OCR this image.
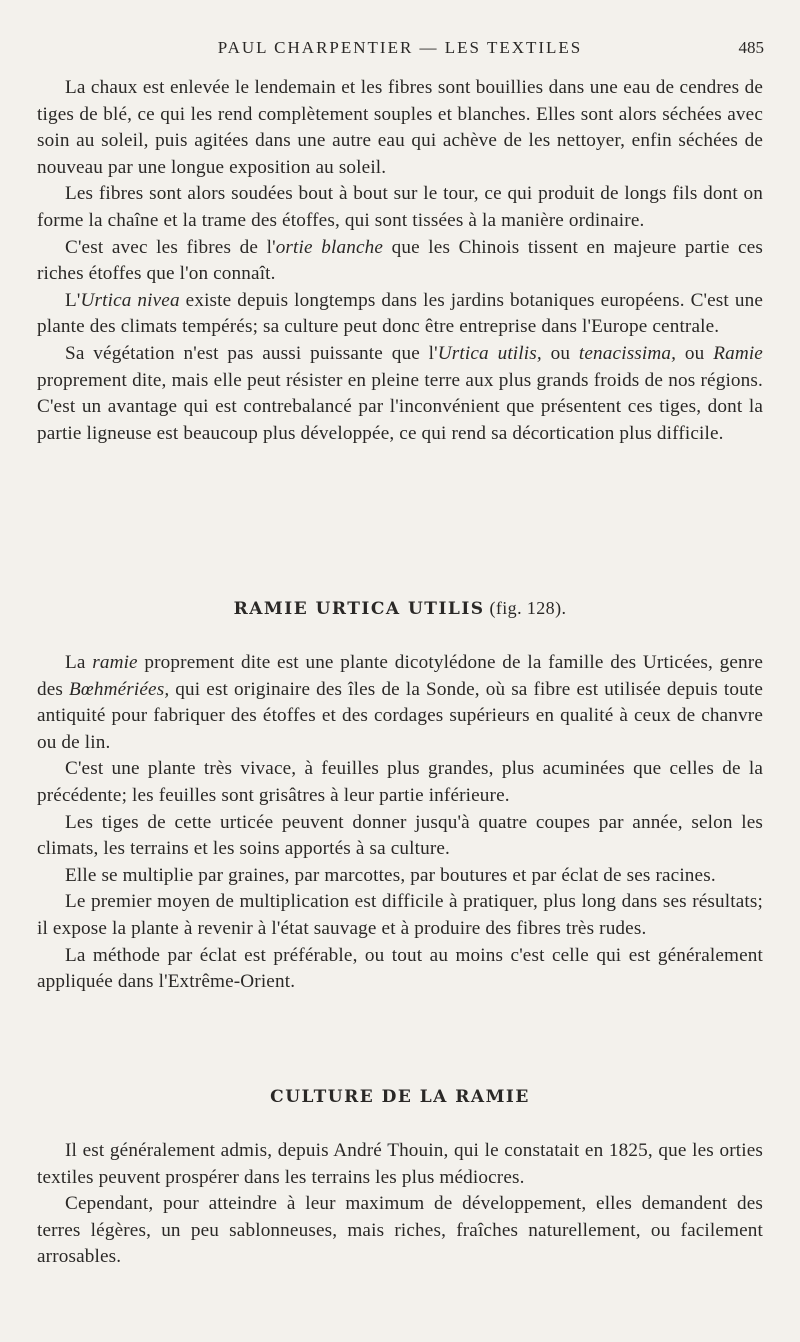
PAUL CHARPENTIER — LES TEXTILES	485

La chaux est enlevée le lendemain et les fibres sont bouillies dans une eau de cendres de tiges de blé, ce qui les rend complètement souples et blanches. Elles sont alors séchées avec soin au soleil, puis agitées dans une autre eau qui achève de les nettoyer, enfin séchées de nouveau par une longue exposition au soleil.

Les fibres sont alors soudées bout à bout sur le tour, ce qui produit de longs fils dont on forme la chaîne et la trame des étoffes, qui sont tissées à la manière ordinaire.

C'est avec les fibres de l'ortie blanche que les Chinois tissent en majeure partie ces riches étoffes que l'on connaît.

L'Urtica nivea existe depuis longtemps dans les jardins botaniques européens. C'est une plante des climats tempérés; sa culture peut donc être entreprise dans l'Europe centrale.

Sa végétation n'est pas aussi puissante que l'Urtica utilis, ou tenacissima, ou Ramie proprement dite, mais elle peut résister en pleine terre aux plus grands froids de nos régions. C'est un avantage qui est contrebalancé par l'inconvénient que présentent ces tiges, dont la partie ligneuse est beaucoup plus développée, ce qui rend sa décortication plus difficile.

RAMIE URTICA UTILIS (fig. 128).

La ramie proprement dite est une plante dicotylédone de la famille des Urticées, genre des Bœhmériées, qui est originaire des îles de la Sonde, où sa fibre est utilisée depuis toute antiquité pour fabriquer des étoffes et des cordages supérieurs en qualité à ceux de chanvre ou de lin.

C'est une plante très vivace, à feuilles plus grandes, plus acuminées que celles de la précédente; les feuilles sont grisâtres à leur partie inférieure.

Les tiges de cette urticée peuvent donner jusqu'à quatre coupes par année, selon les climats, les terrains et les soins apportés à sa culture.

Elle se multiplie par graines, par marcottes, par boutures et par éclat de ses racines.

Le premier moyen de multiplication est difficile à pratiquer, plus long dans ses résultats; il expose la plante à revenir à l'état sauvage et à produire des fibres très rudes.

La méthode par éclat est préférable, ou tout au moins c'est celle qui est généralement appliquée dans l'Extrême-Orient.

CULTURE DE LA RAMIE

Il est généralement admis, depuis André Thouin, qui le constatait en 1825, que les orties textiles peuvent prospérer dans les terrains les plus médiocres.

Cependant, pour atteindre à leur maximum de développement, elles demandent des terres légères, un peu sablonneuses, mais riches, fraîches naturellement, ou facilement arrosables.
